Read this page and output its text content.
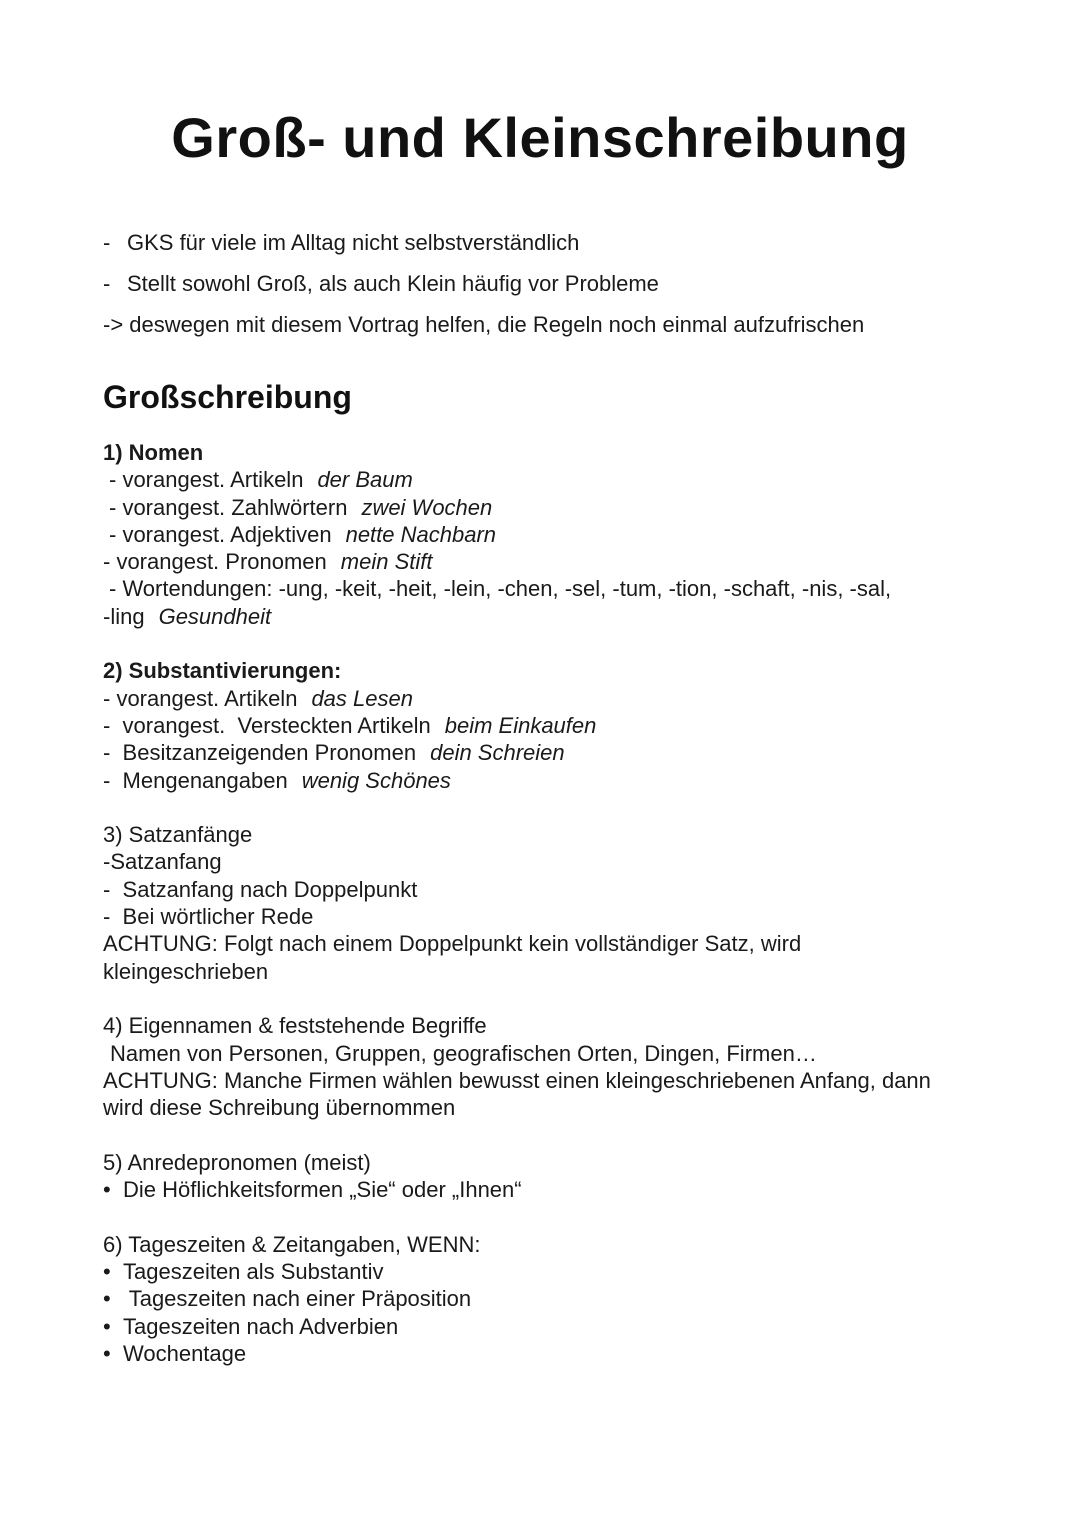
Groß- und Kleinschreibung
- GKS für viele im Alltag nicht selbstverständlich
- Stellt sowohl Groß, als auch Klein häufig vor Probleme
-> deswegen mit diesem Vortrag helfen, die Regeln noch einmal aufzufrischen
Großschreibung
1) Nomen
- vorangest. Artikeln der Baum
- vorangest. Zahlwörtern zwei Wochen
- vorangest. Adjektiven nette Nachbarn
- vorangest. Pronomen mein Stift
- Wortendungen: -ung, -keit, -heit, -lein, -chen, -sel, -tum, -tion, -schaft, -nis, -sal,
-ling Gesundheit
2) Substantivierungen:
- vorangest. Artikeln das Lesen
-  vorangest.  Versteckten Artikeln beim Einkaufen
-  Besitzanzeigenden Pronomen dein Schreien
-  Mengenangaben wenig Schönes
3) Satzanfänge
-Satzanfang
-  Satzanfang nach Doppelpunkt
-  Bei wörtlicher Rede
ACHTUNG: Folgt nach einem Doppelpunkt kein vollständiger Satz, wird kleingeschrieben
4) Eigennamen & feststehende Begriffe
Namen von Personen, Gruppen, geografischen Orten, Dingen, Firmen…
ACHTUNG: Manche Firmen wählen bewusst einen kleingeschriebenen Anfang, dann wird diese Schreibung übernommen
5) Anredepronomen (meist)
• Die Höflichkeitsformen „Sie“ oder „Ihnen“
6) Tageszeiten & Zeitangaben, WENN:
• Tageszeiten als Substantiv
• Tageszeiten nach einer Präposition
• Tageszeiten nach Adverbien
• Wochentage
